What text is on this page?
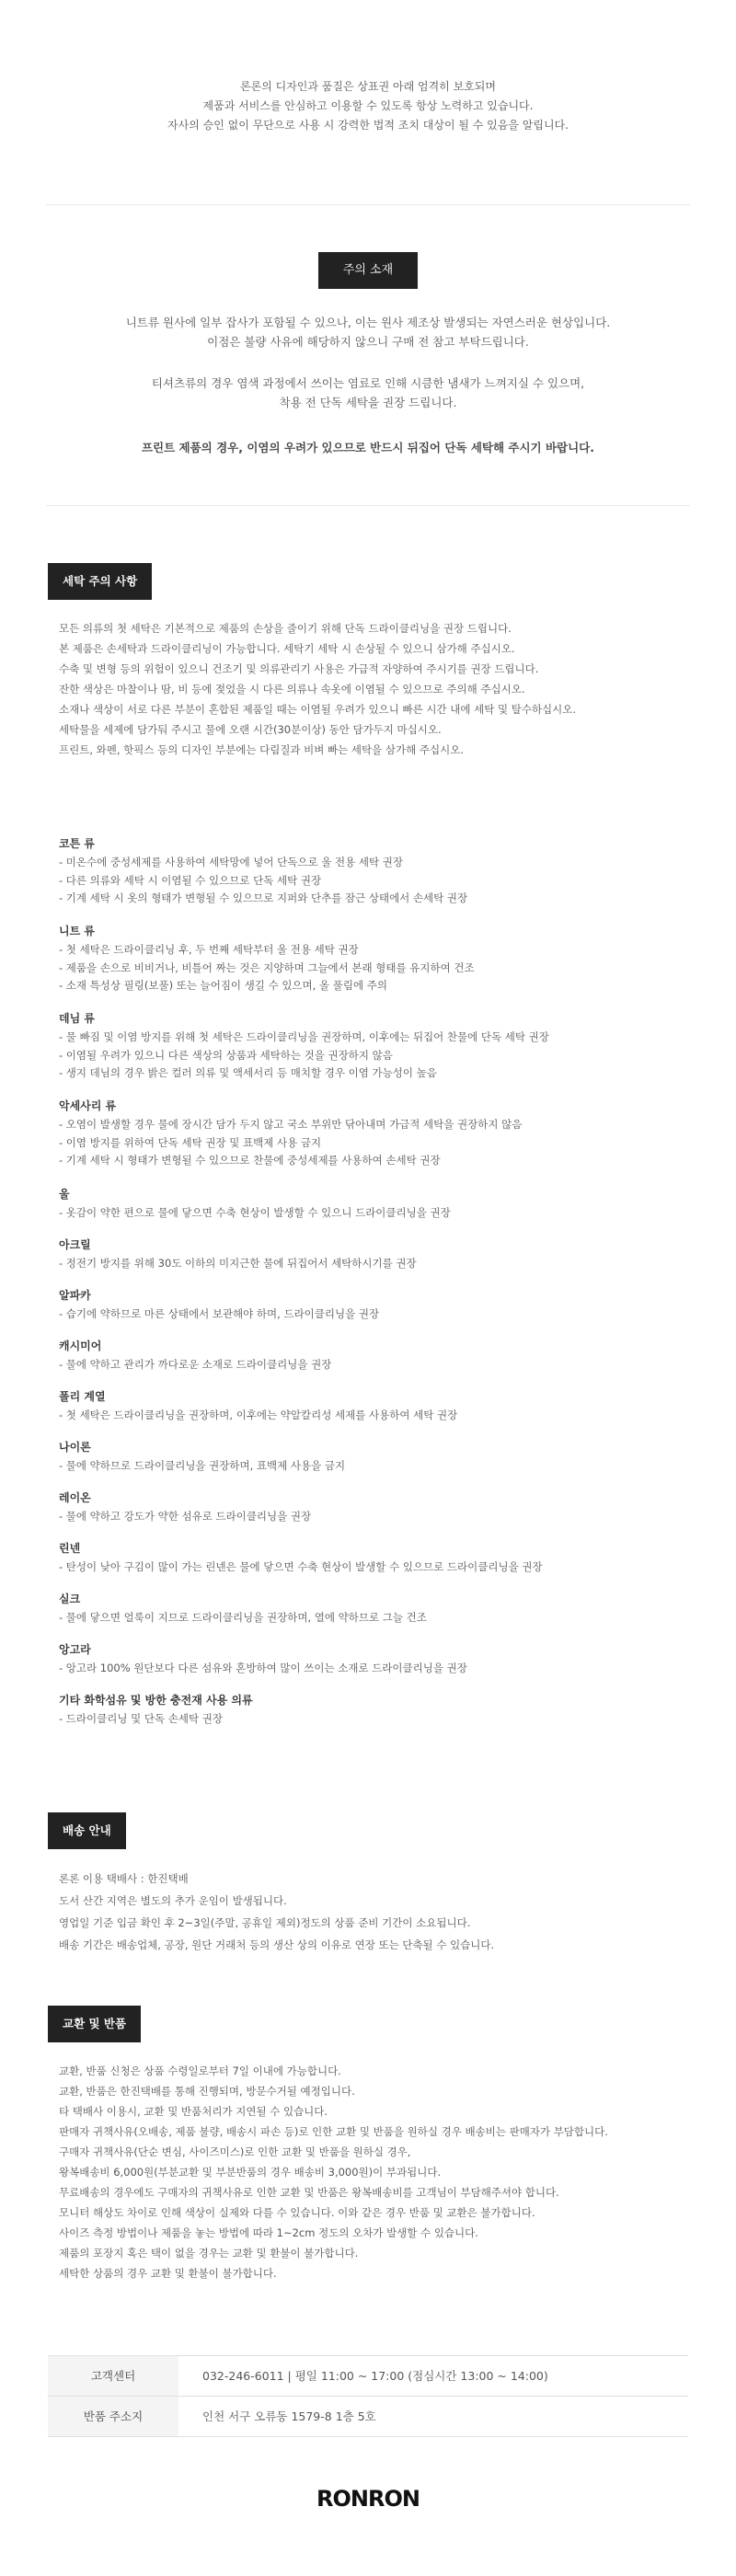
론론의 디자인과 품질은 상표권 아래 엄격히 보호되며

제품과 서비스를 안심하고 이용할 수 있도록 항상 노력하고 있습니다.

자사의 승인 없이 무단으로 사용 시 강력한 법적 조치 대상이 될 수 있음을 알립니다.

주의 소재

니트류 원사에 일부 잡사가 포함될 수 있으나, 이는 원사 제조상 발생되는 자연스러운 현상입니다.

이점은 불량 사유에 해당하지 않으니 구매 전 참고 부탁드립니다.

티셔츠류의 경우 염색 과정에서 쓰이는 염료로 인해 시큼한 냄새가 느껴지실 수 있으며,

착용 전 단독 세탁을 권장 드립니다.

프린트 제품의 경우, 이염의 우려가 있으므로 반드시 뒤집어 단독 세탁해 주시기 바랍니다.

세탁 주의 사항

모든 의류의 첫 세탁은 기본적으로 제품의 손상을 줄이기 위해 단독 드라이클리닝을 권장 드립니다.

본 제품은 손세탁과 드라이클리닝이 가능합니다. 세탁기 세탁 시 손상될 수 있으니 삼가해 주십시오.

수축 및 변형 등의 위험이 있으니 건조기 및 의류관리기 사용은 가급적 자양하여 주시기를 권장 드립니다.

잔한 색상은 마찰이나 땀, 비 등에 젖었을 시 다른 의류나 속옷에 이염될 수 있으므로 주의해 주십시오.

소재나 색상이 서로 다른 부분이 혼합된 제품일 때는 이염될 우려가 있으니 빠른 시간 내에 세탁 및 탈수하십시오.

세탁물을 세제에 담가둬 주시고 물에 오랜 시간(30분이상) 동안 담가두지 마십시오.

프린트, 와펜, 핫픽스 등의 디자인 부분에는 다림질과 비벼 빠는 세탁을 삼가해 주십시오.

코튼 류
- 미온수에 중성세제를 사용하여 세탁망에 넣어 단독으로 울 전용 세탁 권장
- 다른 의류와 세탁 시 이염될 수 있으므로 단독 세탁 권장
- 기계 세탁 시 옷의 형태가 변형될 수 있으므로 지퍼와 단추를 잠근 상태에서 손세탁 권장
니트 류
- 첫 세탁은 드라이클리닝 후, 두 번째 세탁부터 울 전용 세탁 권장
- 제품을 손으로 비비거나, 비틀어 짜는 것은 지양하며 그늘에서 본래 형태를 유지하여 건조
- 소재 특성상 필링(보풀) 또는 늘어짐이 생길 수 있으며, 올 풀림에 주의
데님 류
- 물 빠짐 및 이염 방지를 위해 첫 세탁은 드라이클리닝을 권장하며, 이후에는 뒤집어 찬물에 단독 세탁 권장
- 이염될 우려가 있으니 다른 색상의 상품과 세탁하는 것을 권장하지 않음
- 생지 데님의 경우 밝은 컬러 의류 및 액세서리 등 매치할 경우 이염 가능성이 높음
악세사리 류
- 오염이 발생할 경우 물에 장시간 담가 두지 않고 국소 부위만 닦아내며 가급적 세탁을 권장하지 않음
- 이염 방지를 위하여 단독 세탁 권장 및 표백제 사용 금지
- 기계 세탁 시 형태가 변형될 수 있으므로 찬물에 중성세제를 사용하여 손세탁 권장
울
- 옷감이 약한 편으로 물에 닿으면 수축 현상이 발생할 수 있으니 드라이클리닝을 권장
아크릴
- 정전기 방지를 위해 30도 이하의 미지근한 물에 뒤집어서 세탁하시기를 권장
알파카
- 습기에 약하므로 마른 상태에서 보관해야 하며, 드라이클리닝을 권장
캐시미어
- 물에 약하고 관리가 까다로운 소재로 드라이클리닝을 권장
폴리 계열
- 첫 세탁은 드라이클리닝을 권장하며, 이후에는 약알칼리성 세제를 사용하여 세탁 권장
나이론
- 물에 약하므로 드라이클리닝을 권장하며, 표백제 사용을 금지
레이온
- 물에 약하고 강도가 약한 섬유로 드라이클리닝을 권장
린넨
- 탄성이 낮아 구김이 많이 가는 린넨은 물에 닿으면 수축 현상이 발생할 수 있으므로 드라이클리닝을 권장
실크
- 물에 닿으면 얼룩이 지므로 드라이클리닝을 권장하며, 열에 약하므로 그늘 건조
앙고라
- 앙고라 100% 원단보다 다른 섬유와 혼방하여 많이 쓰이는 소재로 드라이클리닝을 권장
기타 화학섬유 및 방한 충전재 사용 의류
- 드라이클리닝 및 단독 손세탁 권장
배송 안내

론론 이용 택배사 : 한진택배

도서 산간 지역은 별도의 추가 운임이 발생됩니다.

영업일 기준 입금 확인 후 2~3일(주말, 공휴일 제외)정도의 상품 준비 기간이 소요됩니다.

배송 기간은 배송업체, 공장, 원단 거래처 등의 생산 상의 이유로 연장 또는 단축될 수 있습니다.

교환 및 반품

교환, 반품 신청은 상품 수령일로부터 7일 이내에 가능합니다.

교환, 반품은 한진택배를 통해 진행되며, 방문수거될 예정입니다.

타 택배사 이용시, 교환 및 반품처리가 지연될 수 있습니다.

판매자 귀책사유(오배송, 제품 불량, 배송시 파손 등)로 인한 교환 및 반품을 원하실 경우 배송비는 판매자가 부담합니다.

구매자 귀책사유(단순 변심, 사이즈미스)로 인한 교환 및 반품을 원하실 경우,

왕복배송비 6,000원(부분교환 및 부분반품의 경우 배송비 3,000원)이 부과됩니다.

무료배송의 경우에도 구매자의 귀책사유로 인한 교환 및 반품은 왕복배송비를 고객님이 부담해주셔야 합니다.

모니터 해상도 차이로 인해 색상이 실제와 다를 수 있습니다. 이와 같은 경우 반품 및 교환은 불가합니다.

사이즈 측정 방법이나 제품을 놓는 방법에 따라 1~2cm 정도의 오차가 발생할 수 있습니다.

제품의 포장지 혹은 택이 없을 경우는 교환 및 환불이 불가합니다.

세탁한 상품의 경우 교환 및 환불이 불가합니다.

고객센터	032-246-6011 | 평일 11:00 ~ 17:00 (점심시간 13:00 ~ 14:00)
반품 주소지	인천 서구 오류동 1579-8 1층 5호
RONRON
